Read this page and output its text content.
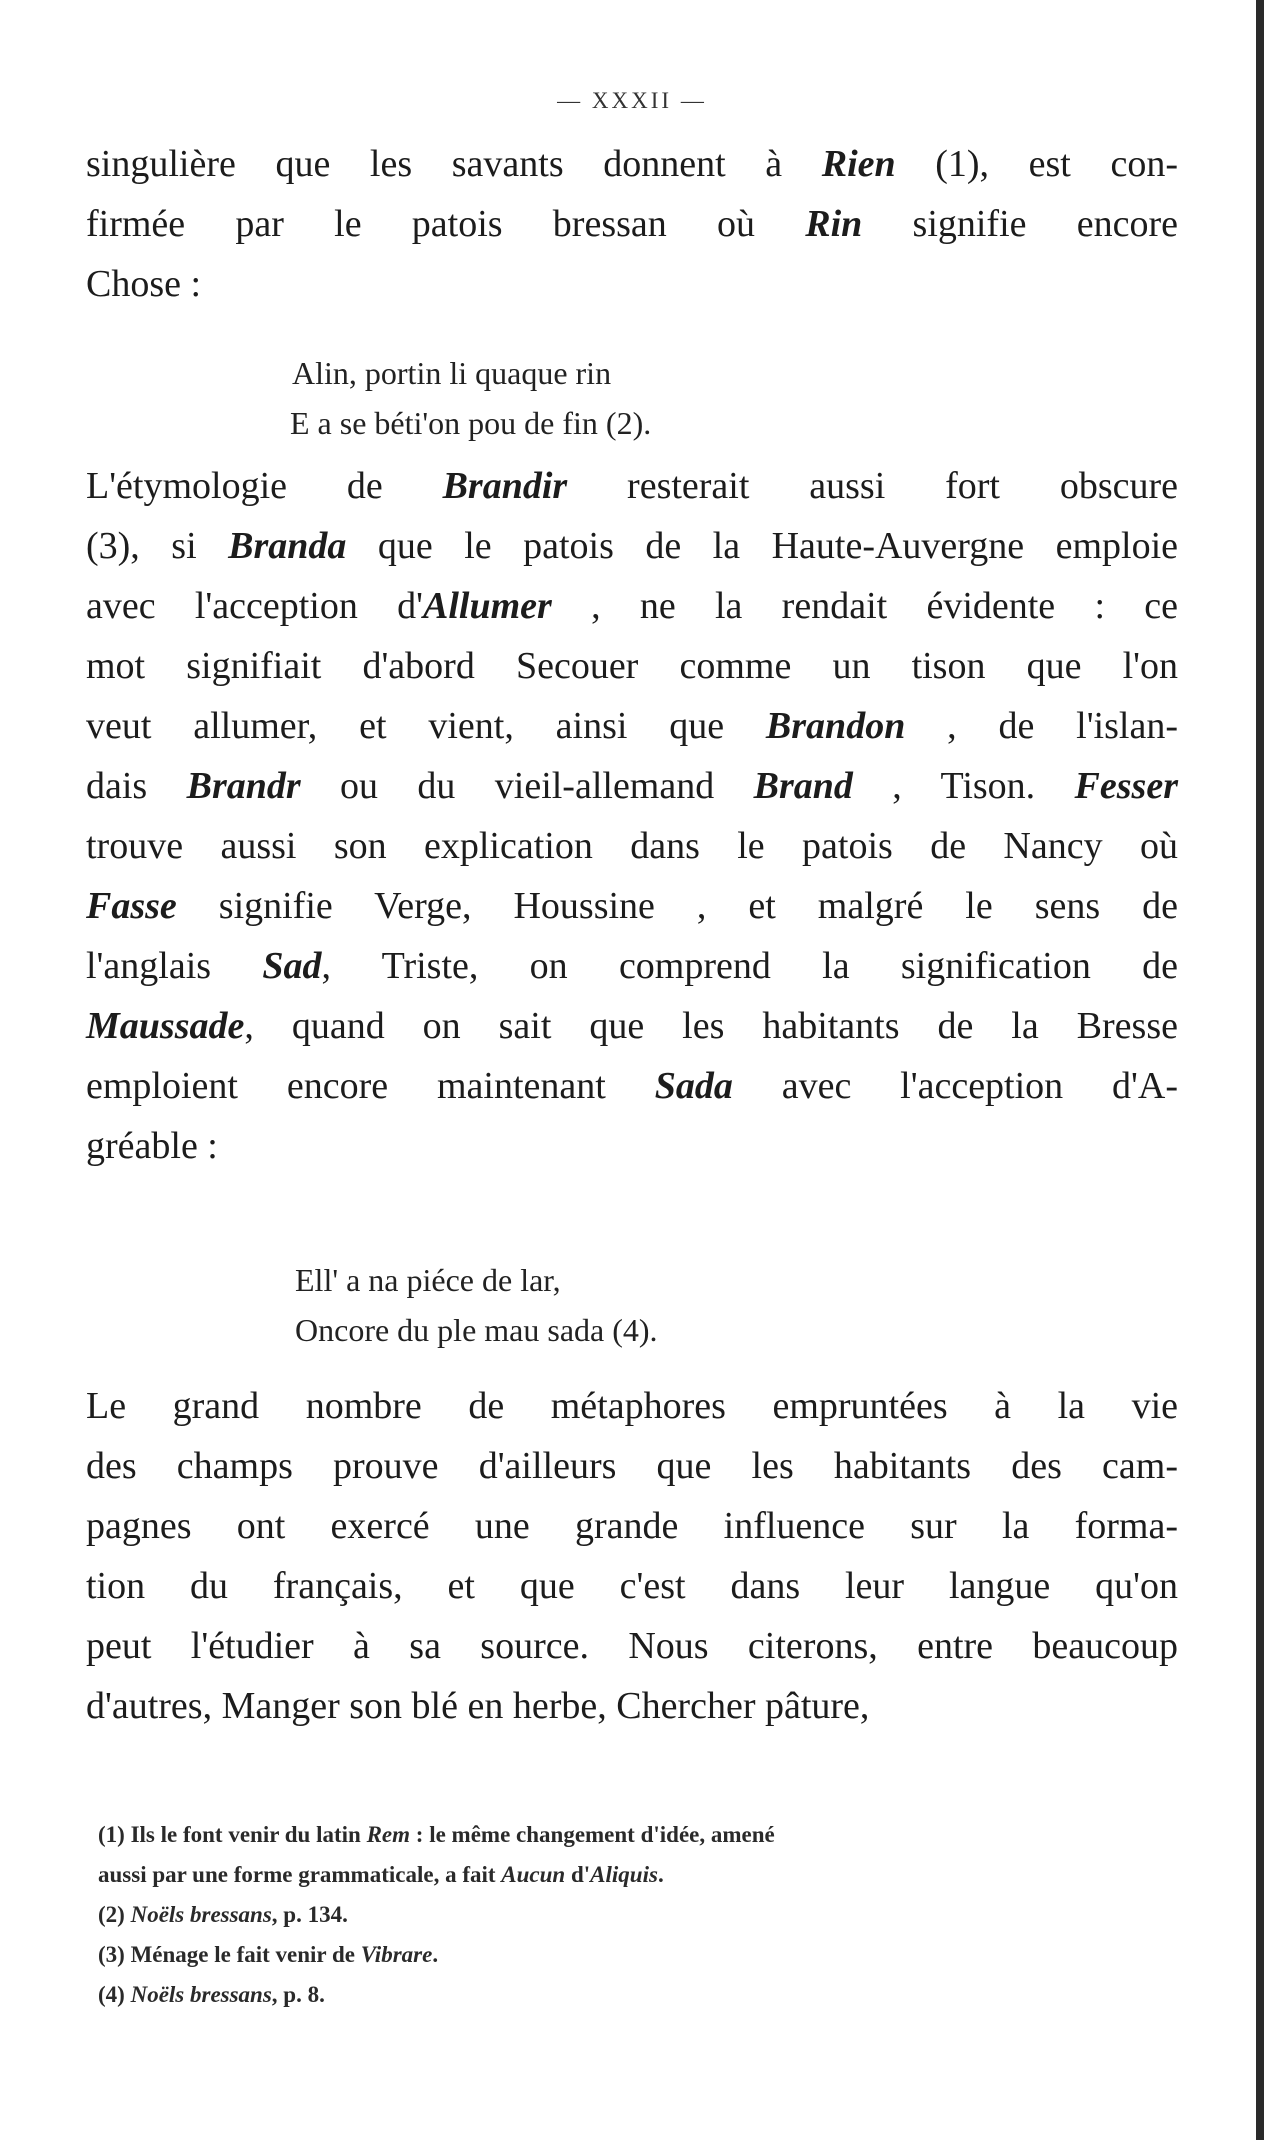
— XXXII —
singulière que les savants donnent à Rien (1), est con-
firmée par le patois bressan où Rin signifie encore
Chose :
Alin, portin li quaque rin
E a se béti'on pou de fin (2).
L'étymologie de Brandir resterait aussi fort obscure
(3), si Branda que le patois de la Haute-Auvergne emploie
avec l'acception d'Allumer , ne la rendait évidente : ce
mot signifiait d'abord Secouer comme un tison que l'on
veut allumer, et vient, ainsi que Brandon , de l'islan-
dais Brandr ou du vieil-allemand Brand , Tison. Fesser
trouve aussi son explication dans le patois de Nancy où
Fasse signifie Verge, Houssine , et malgré le sens de
l'anglais Sad, Triste, on comprend la signification de
Maussade, quand on sait que les habitants de la Bresse
emploient encore maintenant Sada avec l'acception d'A-
gréable :
Ell' a na piéce de lar,
Oncore du ple mau sada (4).
Le grand nombre de métaphores empruntées à la vie
des champs prouve d'ailleurs que les habitants des cam-
pagnes ont exercé une grande influence sur la forma-
tion du français, et que c'est dans leur langue qu'on
peut l'étudier à sa source. Nous citerons, entre beaucoup
d'autres, Manger son blé en herbe, Chercher pâture,
(1) Ils le font venir du latin Rem : le même changement d'idée, amené
aussi par une forme grammaticale, a fait Aucun d'Aliquis.
(2) Noëls bressans, p. 134.
(3) Ménage le fait venir de Vibrare.
(4) Noëls bressans, p. 8.
